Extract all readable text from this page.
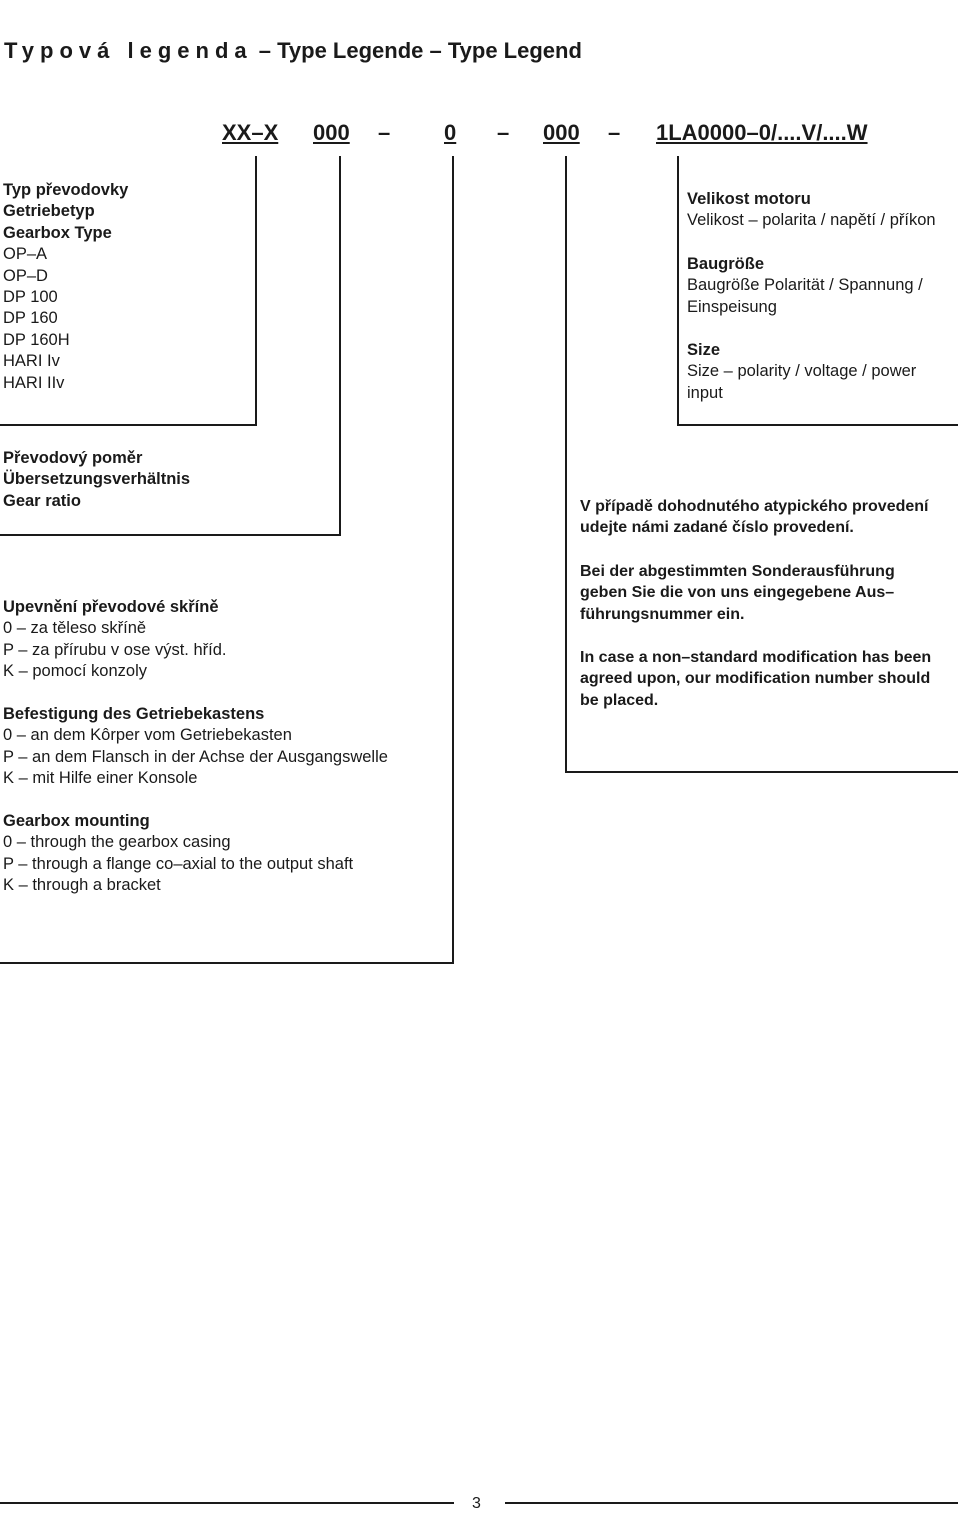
Typová legenda – Type Legende – Type Legend
XX–X 000 – 0 – 000 – 1LA0000–0/....V/....W
Typ převodovky
Getriebetyp
Gearbox Type
OP–A
OP–D
DP 100
DP 160
DP 160H
HARI Iv
HARI IIv
Velikost motoru
Velikost – polarita / napětí / příkon
Baugröße
Baugröße Polarität / Spannung /
Einspeisung
Size
Size – polarity / voltage / power
input
Převodový poměr
Übersetzungsverhältnis
Gear ratio	V případě dohodnutého atypického provedení
udejte námi zadané číslo provedení.
Bei der abgestimmten Sonderausführung
geben Sie die von uns eingegebene Aus–
führungsnummer ein.
In case a non–standard modification has been
agreed upon, our modification number should
be placed.
Upevnění převodové skříně
0 – za těleso skříně
P – za přírubu v ose výst. hříd.
K – pomocí konzoly
Befestigung des Getriebekastens
0 – an dem Kôrper vom Getriebekasten
P – an dem Flansch in der Achse der Ausgangswelle
K – mit Hilfe einer Konsole
Gearbox mounting
0 – through the gearbox casing
P – through a flange co–axial to the output shaft
K – through a bracket
3
